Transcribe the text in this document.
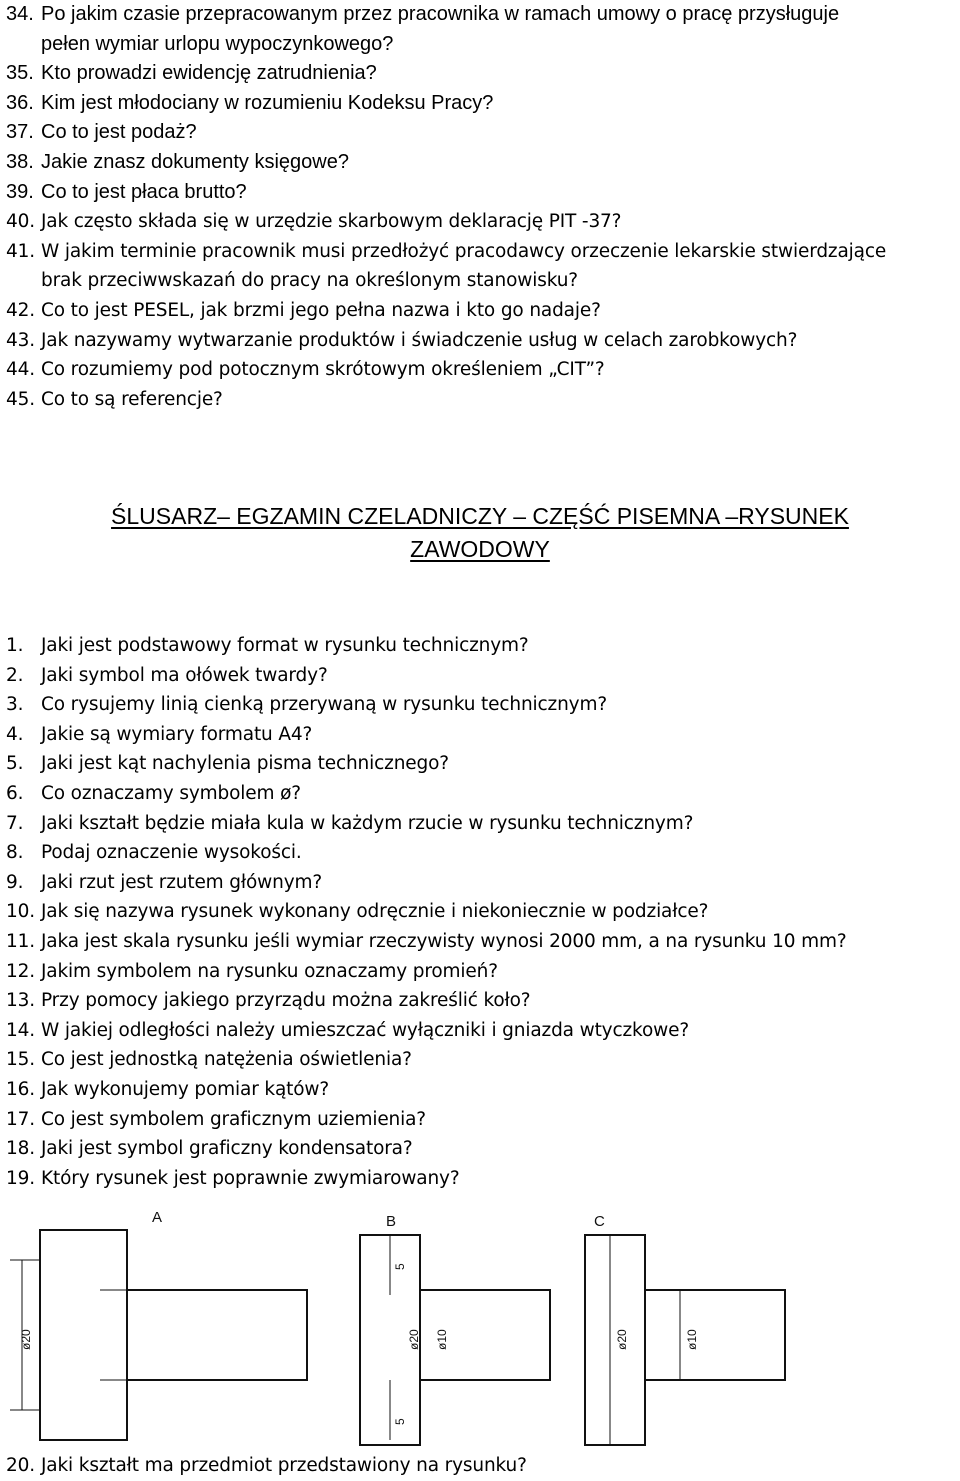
34. Po jakim czasie przepracowanym przez pracownika w ramach umowy o pracę przysługuje
pełen wymiar urlopu wypoczynkowego?
35. Kto prowadzi ewidencję zatrudnienia?
36. Kim jest młodociany w rozumieniu Kodeksu Pracy?
37. Co to jest podaż?
38. Jakie znasz dokumenty księgowe?
39. Co to jest płaca brutto?
40. Jak często składa się w urzędzie skarbowym deklarację PIT -37?
41. W jakim terminie pracownik musi przedłożyć pracodawcy orzeczenie lekarskie stwierdzające
brak przeciwwskazań do pracy na określonym stanowisku?
42. Co to jest PESEL, jak brzmi jego pełna nazwa i kto go nadaje?
43. Jak nazywamy wytwarzanie produktów i świadczenie usług w celach zarobkowych?
44. Co rozumiemy pod potocznym skrótowym określeniem „CIT”?
45. Co to są referencje?
ŚLUSARZ– EGZAMIN CZELADNICZY – CZĘŚĆ PISEMNA –RYSUNEK
ZAWODOWY
1. Jaki jest podstawowy format w rysunku technicznym?
2. Jaki symbol ma ołówek twardy?
3. Co rysujemy linią cienką przerywaną w rysunku technicznym?
4. Jakie są wymiary formatu A4?
5. Jaki jest kąt nachylenia pisma technicznego?
6. Co oznaczamy symbolem ø?
7. Jaki kształt będzie miała kula w każdym rzucie w rysunku technicznym?
8. Podaj oznaczenie wysokości.
9. Jaki rzut jest rzutem głównym?
10. Jak się nazywa rysunek wykonany odręcznie i niekoniecznie w podziałce?
11. Jaka jest skala rysunku jeśli wymiar rzeczywisty wynosi 2000 mm, a na rysunku 10 mm?
12. Jakim symbolem na rysunku oznaczamy promień?
13. Przy pomocy jakiego przyrządu można zakreślić koło?
14. W jakiej odległości należy umieszczać wyłączniki i gniazda wtyczkowe?
15. Co jest jednostką natężenia oświetlenia?
16. Jak wykonujemy pomiar kątów?
17. Co jest symbolem graficznym uziemienia?
18. Jaki jest symbol graficzny kondensatora?
19. Który rysunek jest poprawnie zwymiarowany?
A	B	C
ø20
5
5
ø10
ø20	ø20	ø10
20. Jaki kształt ma przedmiot przedstawiony na rysunku?
